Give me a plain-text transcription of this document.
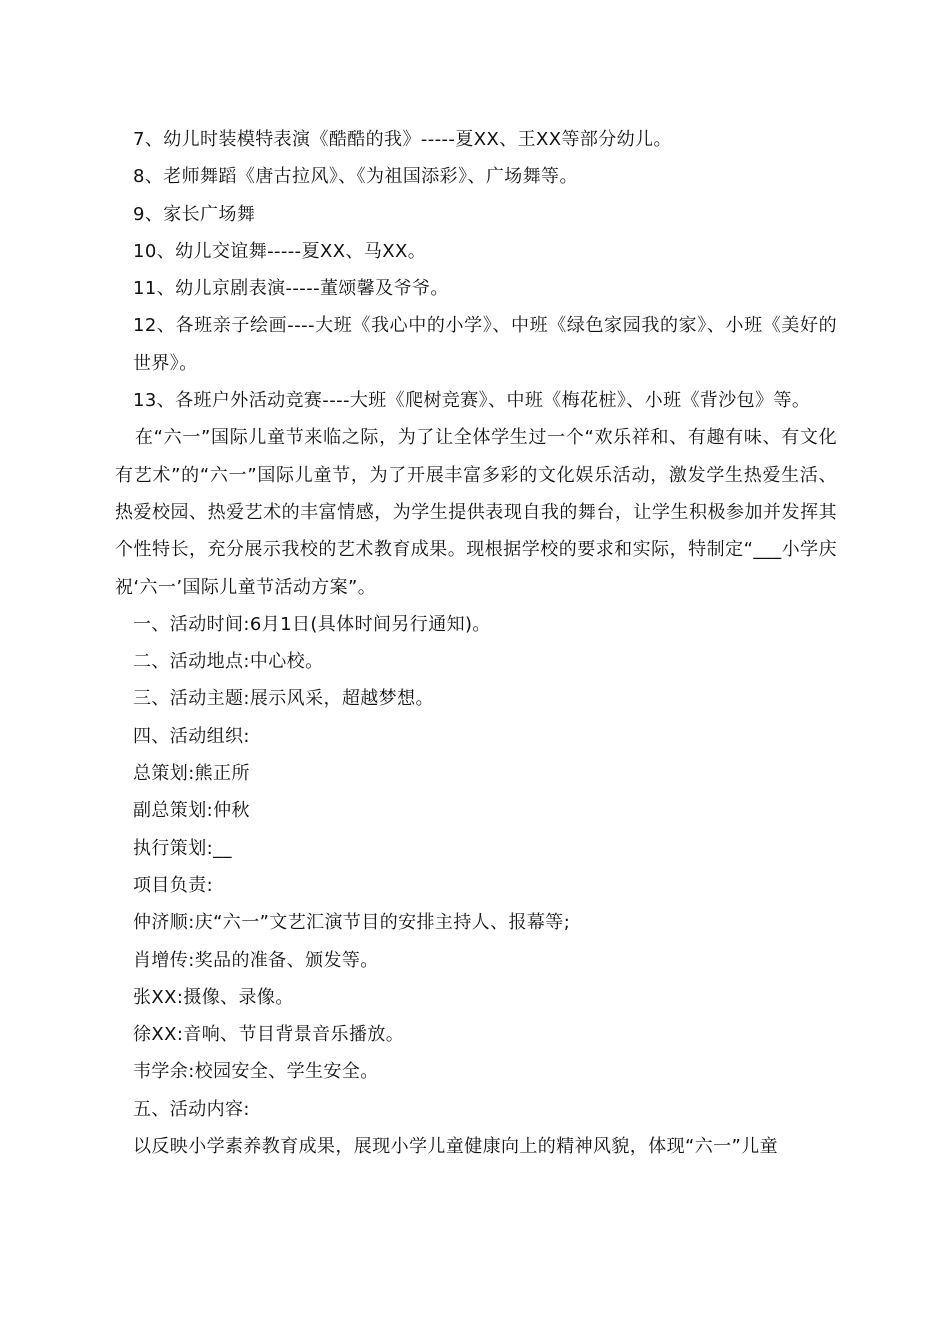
7、幼儿时装模特表演《酷酷的我》-----夏XX、王XX等部分幼儿。

8、老师舞蹈《唐古拉风》、《为祖国添彩》、广场舞等。

9、家长广场舞

10、幼儿交谊舞-----夏XX、马XX。

11、幼儿京剧表演-----董颂馨及爷爷。

12、各班亲子绘画----大班《我心中的小学》、中班《绿色家园我的家》、小班《美好的世界》。

13、各班户外活动竞赛----大班《爬树竞赛》、中班《梅花桩》、小班《背沙包》等。

在“六一”国际儿童节来临之际，为了让全体学生过一个“欢乐祥和、有趣有味、有文化有艺术”的“六一”国际儿童节，为了开展丰富多彩的文化娱乐活动，激发学生热爱生活、热爱校园、热爱艺术的丰富情感，为学生提供表现自我的舞台，让学生积极参加并发挥其个性特长，充分展示我校的艺术教育成果。现根据学校的要求和实际，特制定“___小学庆祝‘六一’国际儿童节活动方案”。

一、活动时间:6月1日(具体时间另行通知)。

二、活动地点:中心校。

三、活动主题:展示风采，超越梦想。

四、活动组织:

总策划:熊正所

副总策划:仲秋

执行策划:__

项目负责:

仲济顺:庆“六一”文艺汇演节目的安排主持人、报幕等;

肖增传:奖品的准备、颁发等。

张XX:摄像、录像。

徐XX:音响、节目背景音乐播放。

韦学余:校园安全、学生安全。

五、活动内容:

以反映小学素养教育成果，展现小学儿童健康向上的精神风貌，体现“六一”儿童
